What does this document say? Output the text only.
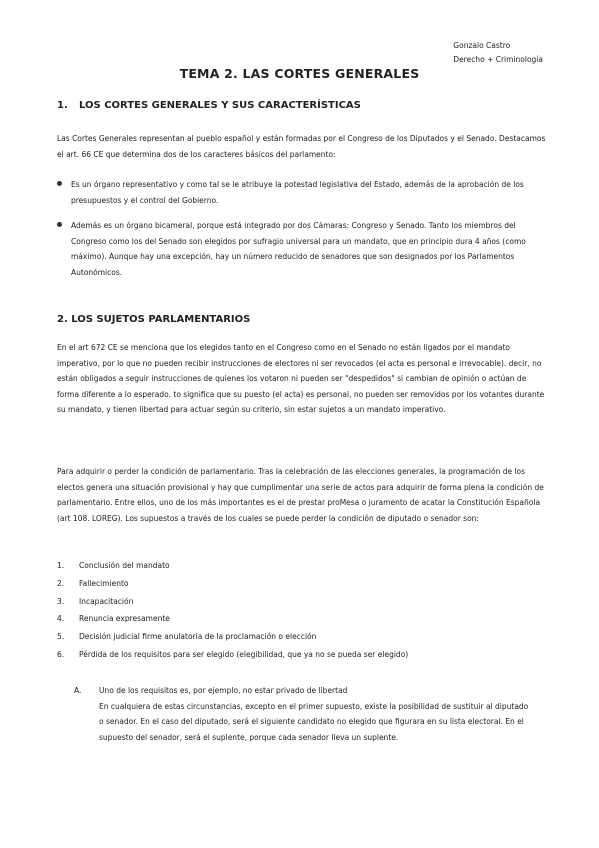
Gonzalo Castro
Derecho + Criminología
TEMA 2. LAS CORTES GENERALES
1. LOS CORTES GENERALES Y SUS CARACTERÍSTICAS
Las Cortes Generales representan al pueblo español y están formadas por el Congreso de los Diputados y el Senado. Destacamos el art. 66 CE que determina dos de los caracteres básicos del parlamento:
Es un órgano representativo y como tal se le atribuye la potestad legislativa del Estado, además de la aprobación de los presupuestos y el control del Gobierno.
Además es un órgano bicameral, porque está integrado por dos Cámaras: Congreso y Senado. Tanto los miembros del Congreso como los del Senado son elegidos por sufragio universal para un mandato, que en principio dura 4 años (como máximo). Aunque hay una excepción, hay un número reducido de senadores que son designados por los Parlamentos Autonómicos.
2. LOS SUJETOS PARLAMENTARIOS
En el art 672 CE se menciona que los elegidos tanto en el Congreso como en el Senado no están ligados por el mandato imperativo, por lo que no pueden recibir instrucciones de electores ni ser revocados (el acta es personal e irrevocable). decir, no están obligados a seguir instrucciones de quienes los votaron ni pueden ser "despedidos" si cambian de opinión o actúan de forma diferente a lo esperado. to significa que su puesto (el acta) es personal, no pueden ser removidos por los votantes durante su mandato, y tienen libertad para actuar según su criterio, sin estar sujetos a un mandato imperativo.
Para adquirir o perder la condición de parlamentario. Tras la celebración de las elecciones generales, la programación de los electos genera una situación provisional y hay que cumplimentar una serie de actos para adquirir de forma plena la condición de parlamentario. Entre ellos, uno de los más importantes es el de prestar proMesa o juramento de acatar la Constitución Española (art 108. LOREG). Los supuestos a través de los cuales se puede perder la condición de diputado o senador son:
1. Conclusión del mandato
2. Fallecimiento
3. Incapacitación
4. Renuncia expresamente
5. Decisión judicial firme anulatoria de la proclamación o elección
6. Pérdida de los requisitos para ser elegido (elegibilidad, que ya no se pueda ser elegido)
A.	Uno de los requisitos es, por ejemplo, no estar privado de libertad
En cualquiera de estas circunstancias, excepto en el primer supuesto, existe la posibilidad de sustituir al diputado o senador. En el caso del diputado, será el siguiente candidato no elegido que figurara en su lista electoral. En el supuesto del senador, será el suplente, porque cada senador lleva un suplente.
